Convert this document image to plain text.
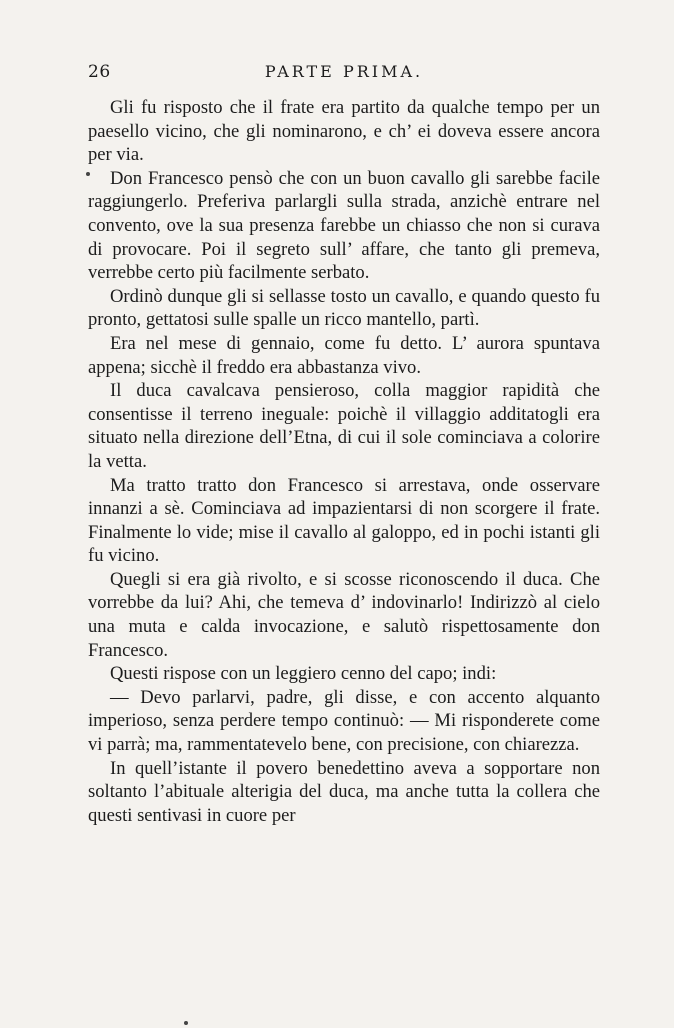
26	PARTE PRIMA.

Gli fu risposto che il frate era partito da qualche tempo per un paesello vicino, che gli nominarono, e ch’ ei doveva essere ancora per via.

Don Francesco pensò che con un buon cavallo gli sarebbe facile raggiungerlo. Preferiva parlargli sulla strada, anzichè entrare nel convento, ove la sua presenza farebbe un chiasso che non si curava di provocare. Poi il segreto sull’ affare, che tanto gli premeva, verrebbe certo più facilmente serbato.

Ordinò dunque gli si sellasse tosto un cavallo, e quando questo fu pronto, gettatosi sulle spalle un ricco mantello, partì.

Era nel mese di gennaio, come fu detto. L’ aurora spuntava appena; sicchè il freddo era abbastanza vivo.

Il duca cavalcava pensieroso, colla maggior rapidità che consentisse il terreno ineguale: poichè il villaggio additatogli era situato nella direzione dell’Etna, di cui il sole cominciava a colorire la vetta.

Ma tratto tratto don Francesco si arrestava, onde osservare innanzi a sè. Cominciava ad impazientarsi di non scorgere il frate. Finalmente lo vide; mise il cavallo al galoppo, ed in pochi istanti gli fu vicino.

Quegli si era già rivolto, e si scosse riconoscendo il duca. Che vorrebbe da lui? Ahi, che temeva d’ indovinarlo! Indirizzò al cielo una muta e calda invocazione, e salutò rispettosamente don Francesco.

Questi rispose con un leggiero cenno del capo; indi:

— Devo parlarvi, padre, gli disse, e con accento alquanto imperioso, senza perdere tempo continuò: — Mi risponderete come vi parrà; ma, rammentatevelo bene, con precisione, con chiarezza.

In quell’istante il povero benedettino aveva a sopportare non soltanto l’abituale alterigia del duca, ma anche tutta la collera che questi sentivasi in cuore per
